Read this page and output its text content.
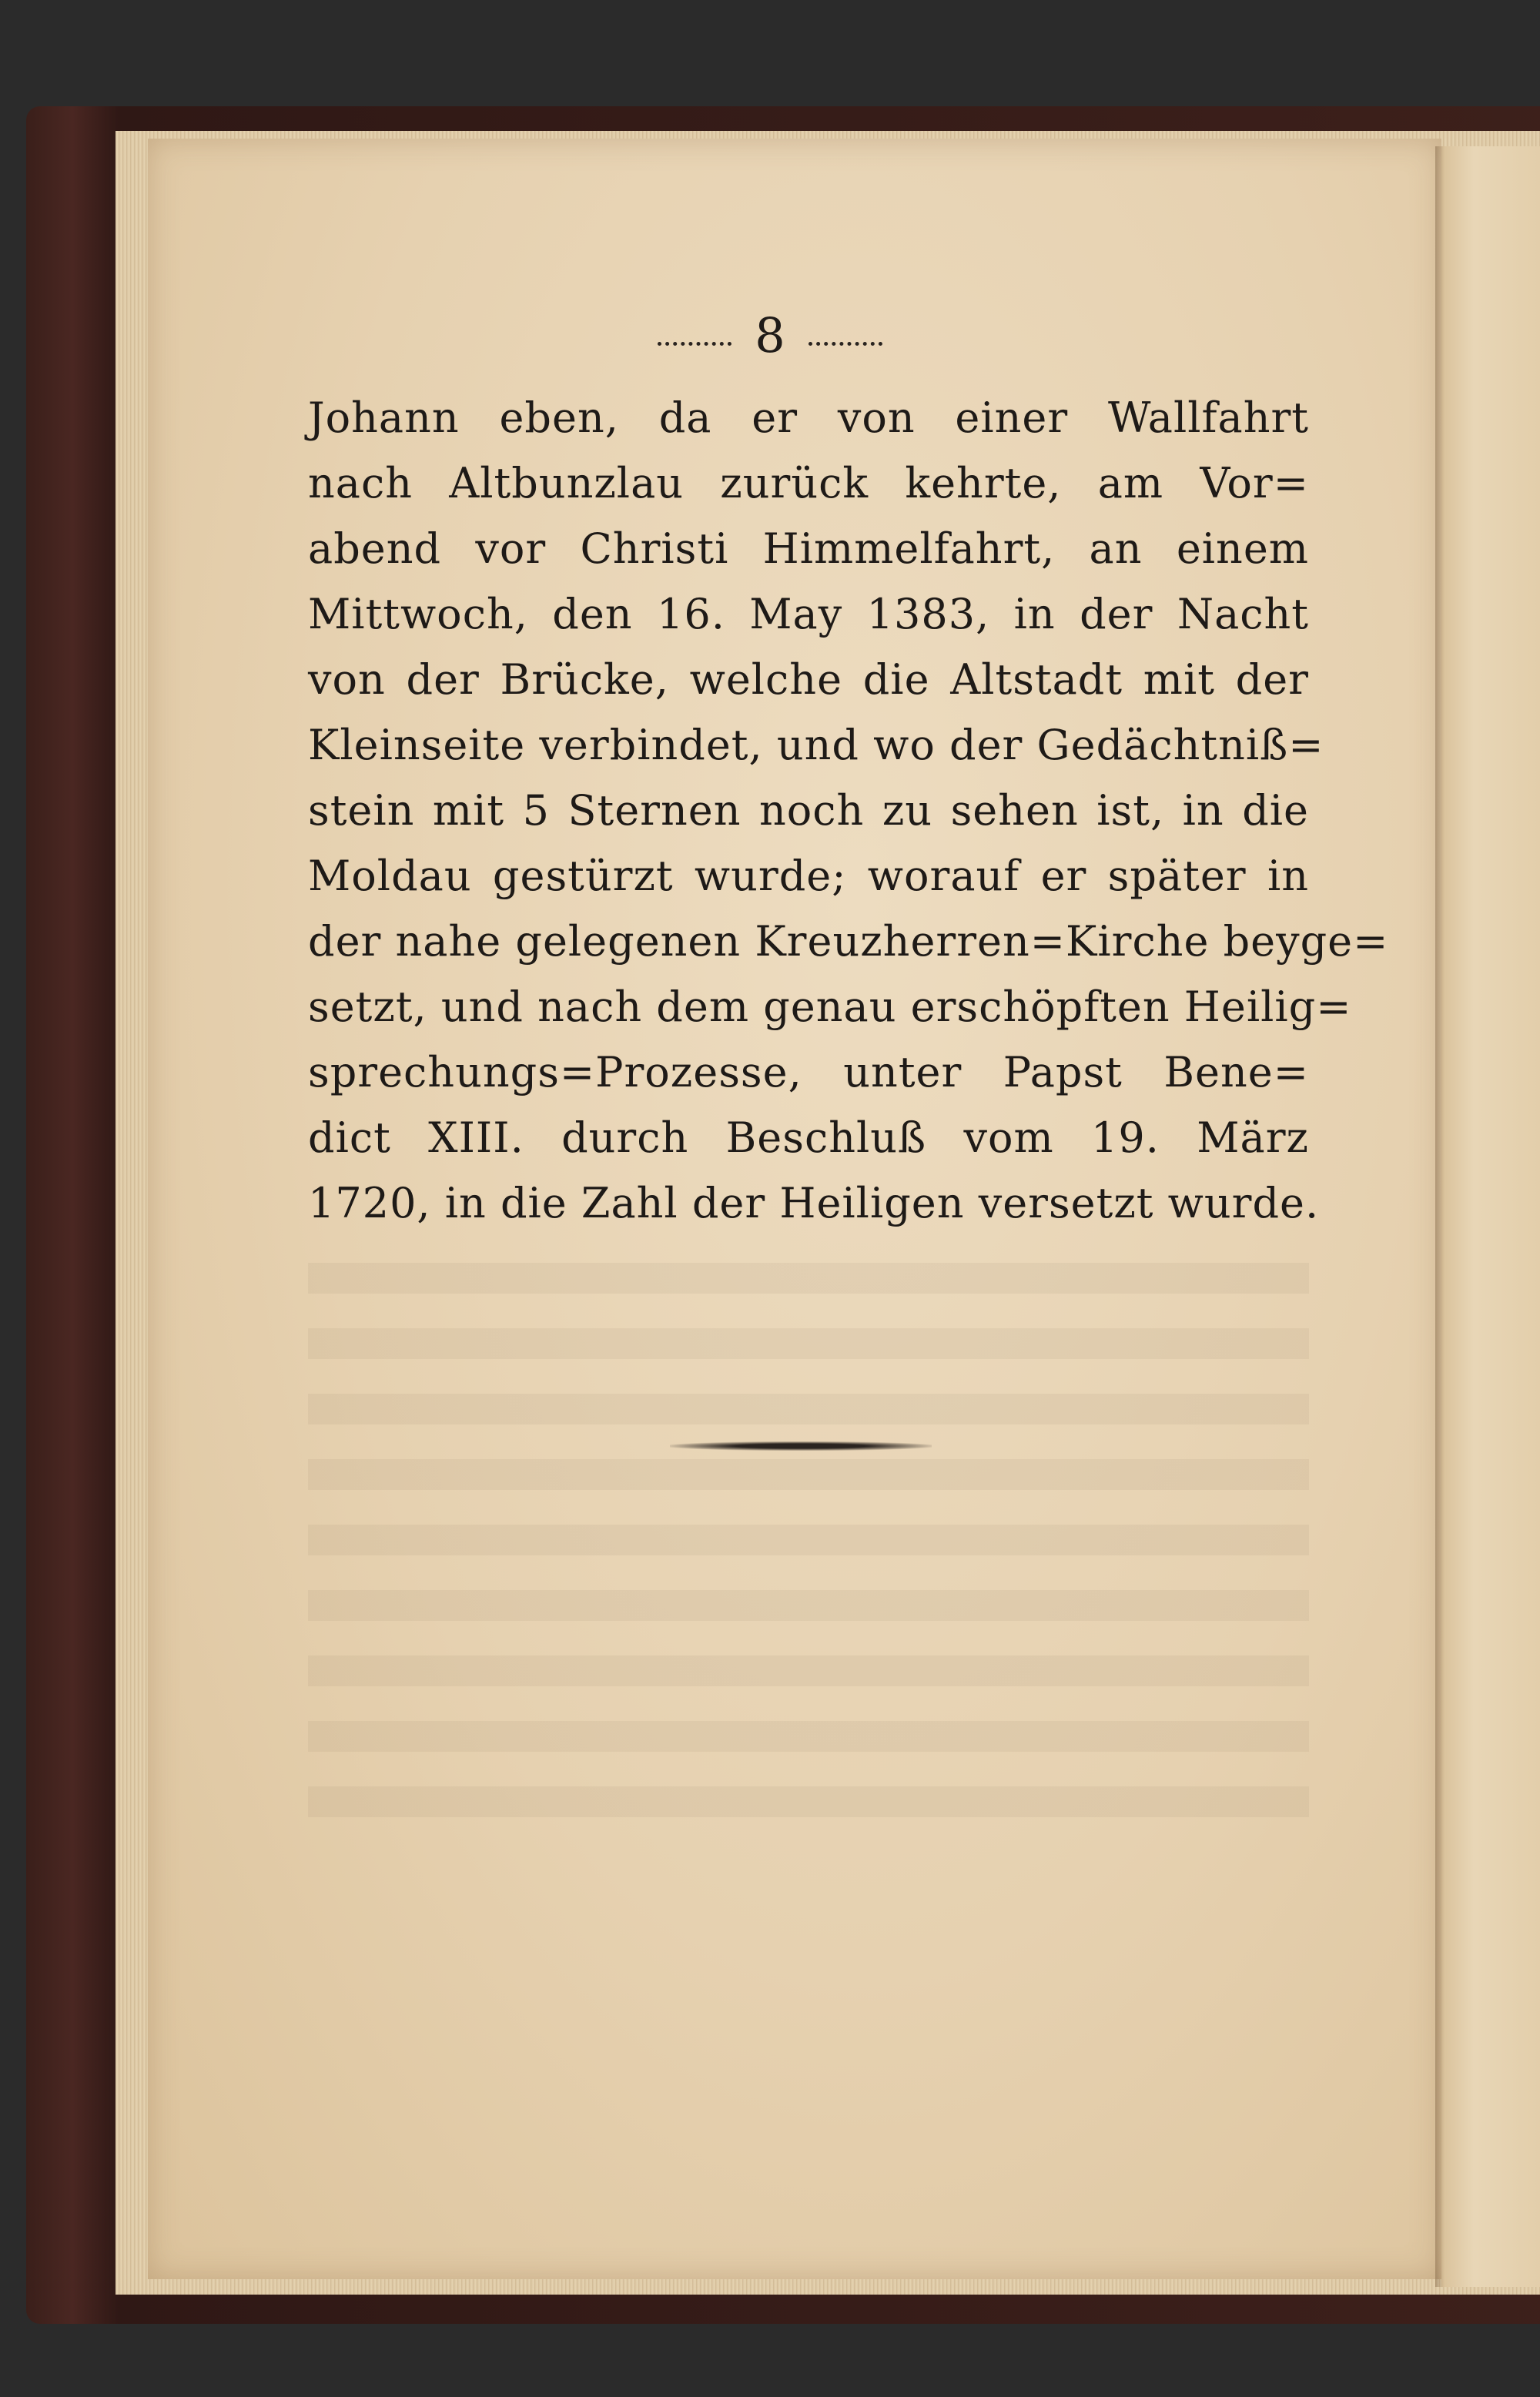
8
Johann eben, da er von einer Wallfahrt
nach Altbunzlau zurück kehrte, am Vor=
abend vor Christi Himmelfahrt, an einem
Mittwoch, den 16. May 1383, in der Nacht
von der Brücke, welche die Altstadt mit der
Kleinseite verbindet, und wo der Gedächtniß=
stein mit 5 Sternen noch zu sehen ist, in die
Moldau gestürzt wurde; worauf er später in
der nahe gelegenen Kreuzherren=Kirche beyge=
setzt, und nach dem genau erschöpften Heilig=
sprechungs=Prozesse, unter Papst Bene=
dict XIII. durch Beschluß vom 19. März
1720, in die Zahl der Heiligen versetzt wurde.
